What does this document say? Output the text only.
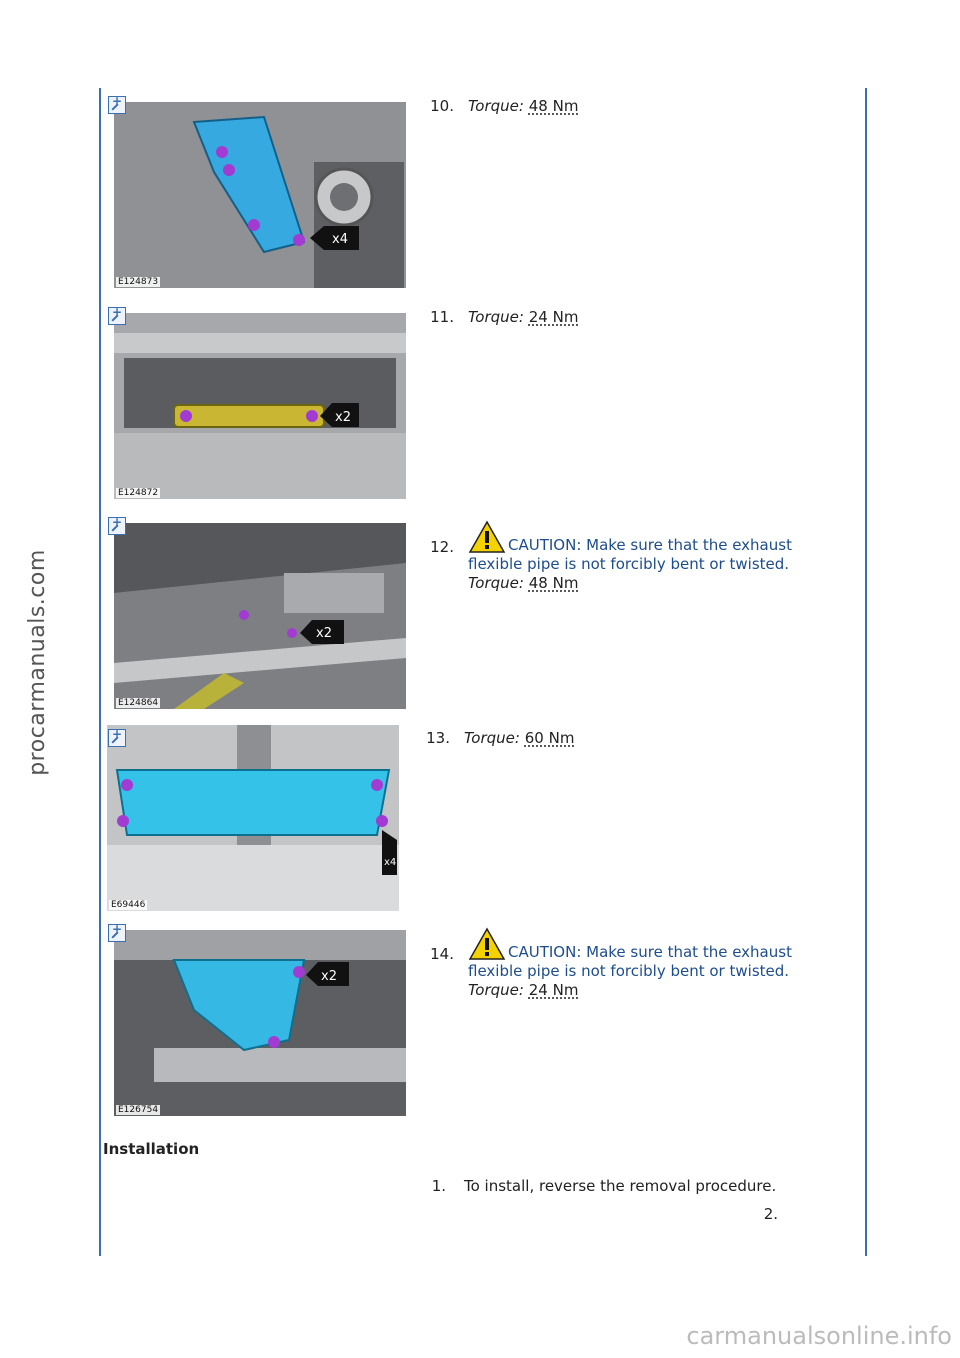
x4
E124873
+
10. Torque: 48 Nm
x2
E124872
+
11. Torque: 24 Nm
x2
E124864
+
12.	CAUTION: Make sure that the exhaust
flexible pipe is not forcibly bent or twisted.
Torque: 48 Nm
x4
E69446
+
13. Torque: 60 Nm
x2
E126754
+
14.	CAUTION: Make sure that the exhaust
flexible pipe is not forcibly bent or twisted.
Torque: 24 Nm
Installation
1. To install, reverse the removal procedure.
2.
procarmanuals.com
carmanualsonline.info
